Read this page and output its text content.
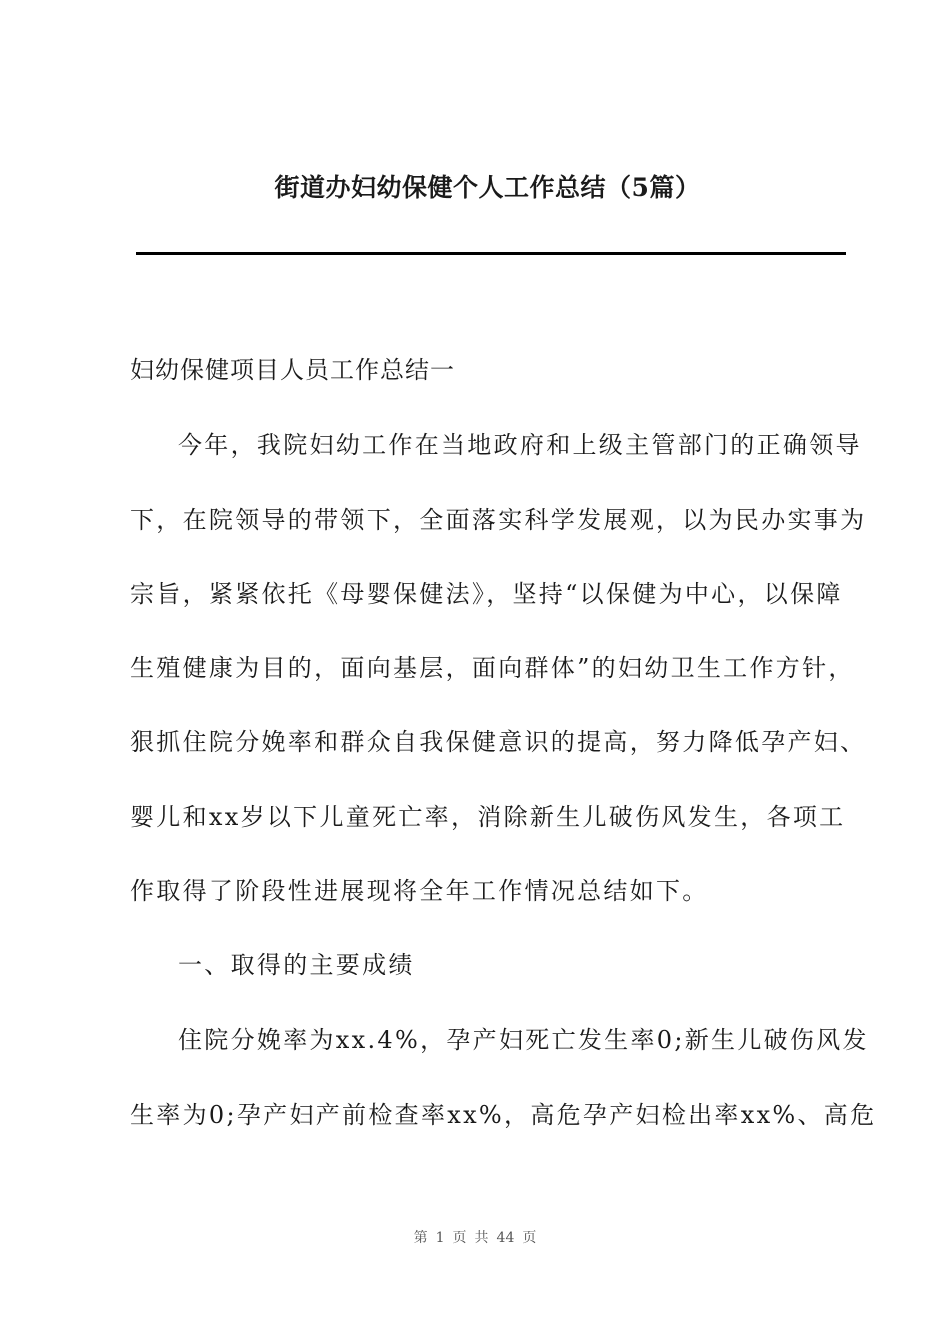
街道办妇幼保健个人工作总结（5篇）
妇幼保健项目人员工作总结一
今年，我院妇幼工作在当地政府和上级主管部门的正确领导
下，在院领导的带领下，全面落实科学发展观，以为民办实事为
宗旨，紧紧依托《母婴保健法》，坚持“以保健为中心，以保障
生殖健康为目的，面向基层，面向群体”的妇幼卫生工作方针，
狠抓住院分娩率和群众自我保健意识的提高，努力降低孕产妇、
婴儿和xx岁以下儿童死亡率，消除新生儿破伤风发生，各项工
作取得了阶段性进展现将全年工作情况总结如下。
一、取得的主要成绩
住院分娩率为xx.4%，孕产妇死亡发生率0;新生儿破伤风发
生率为0;孕产妇产前检查率xx%，高危孕产妇检出率xx%、高危
第 1 页 共 44 页
